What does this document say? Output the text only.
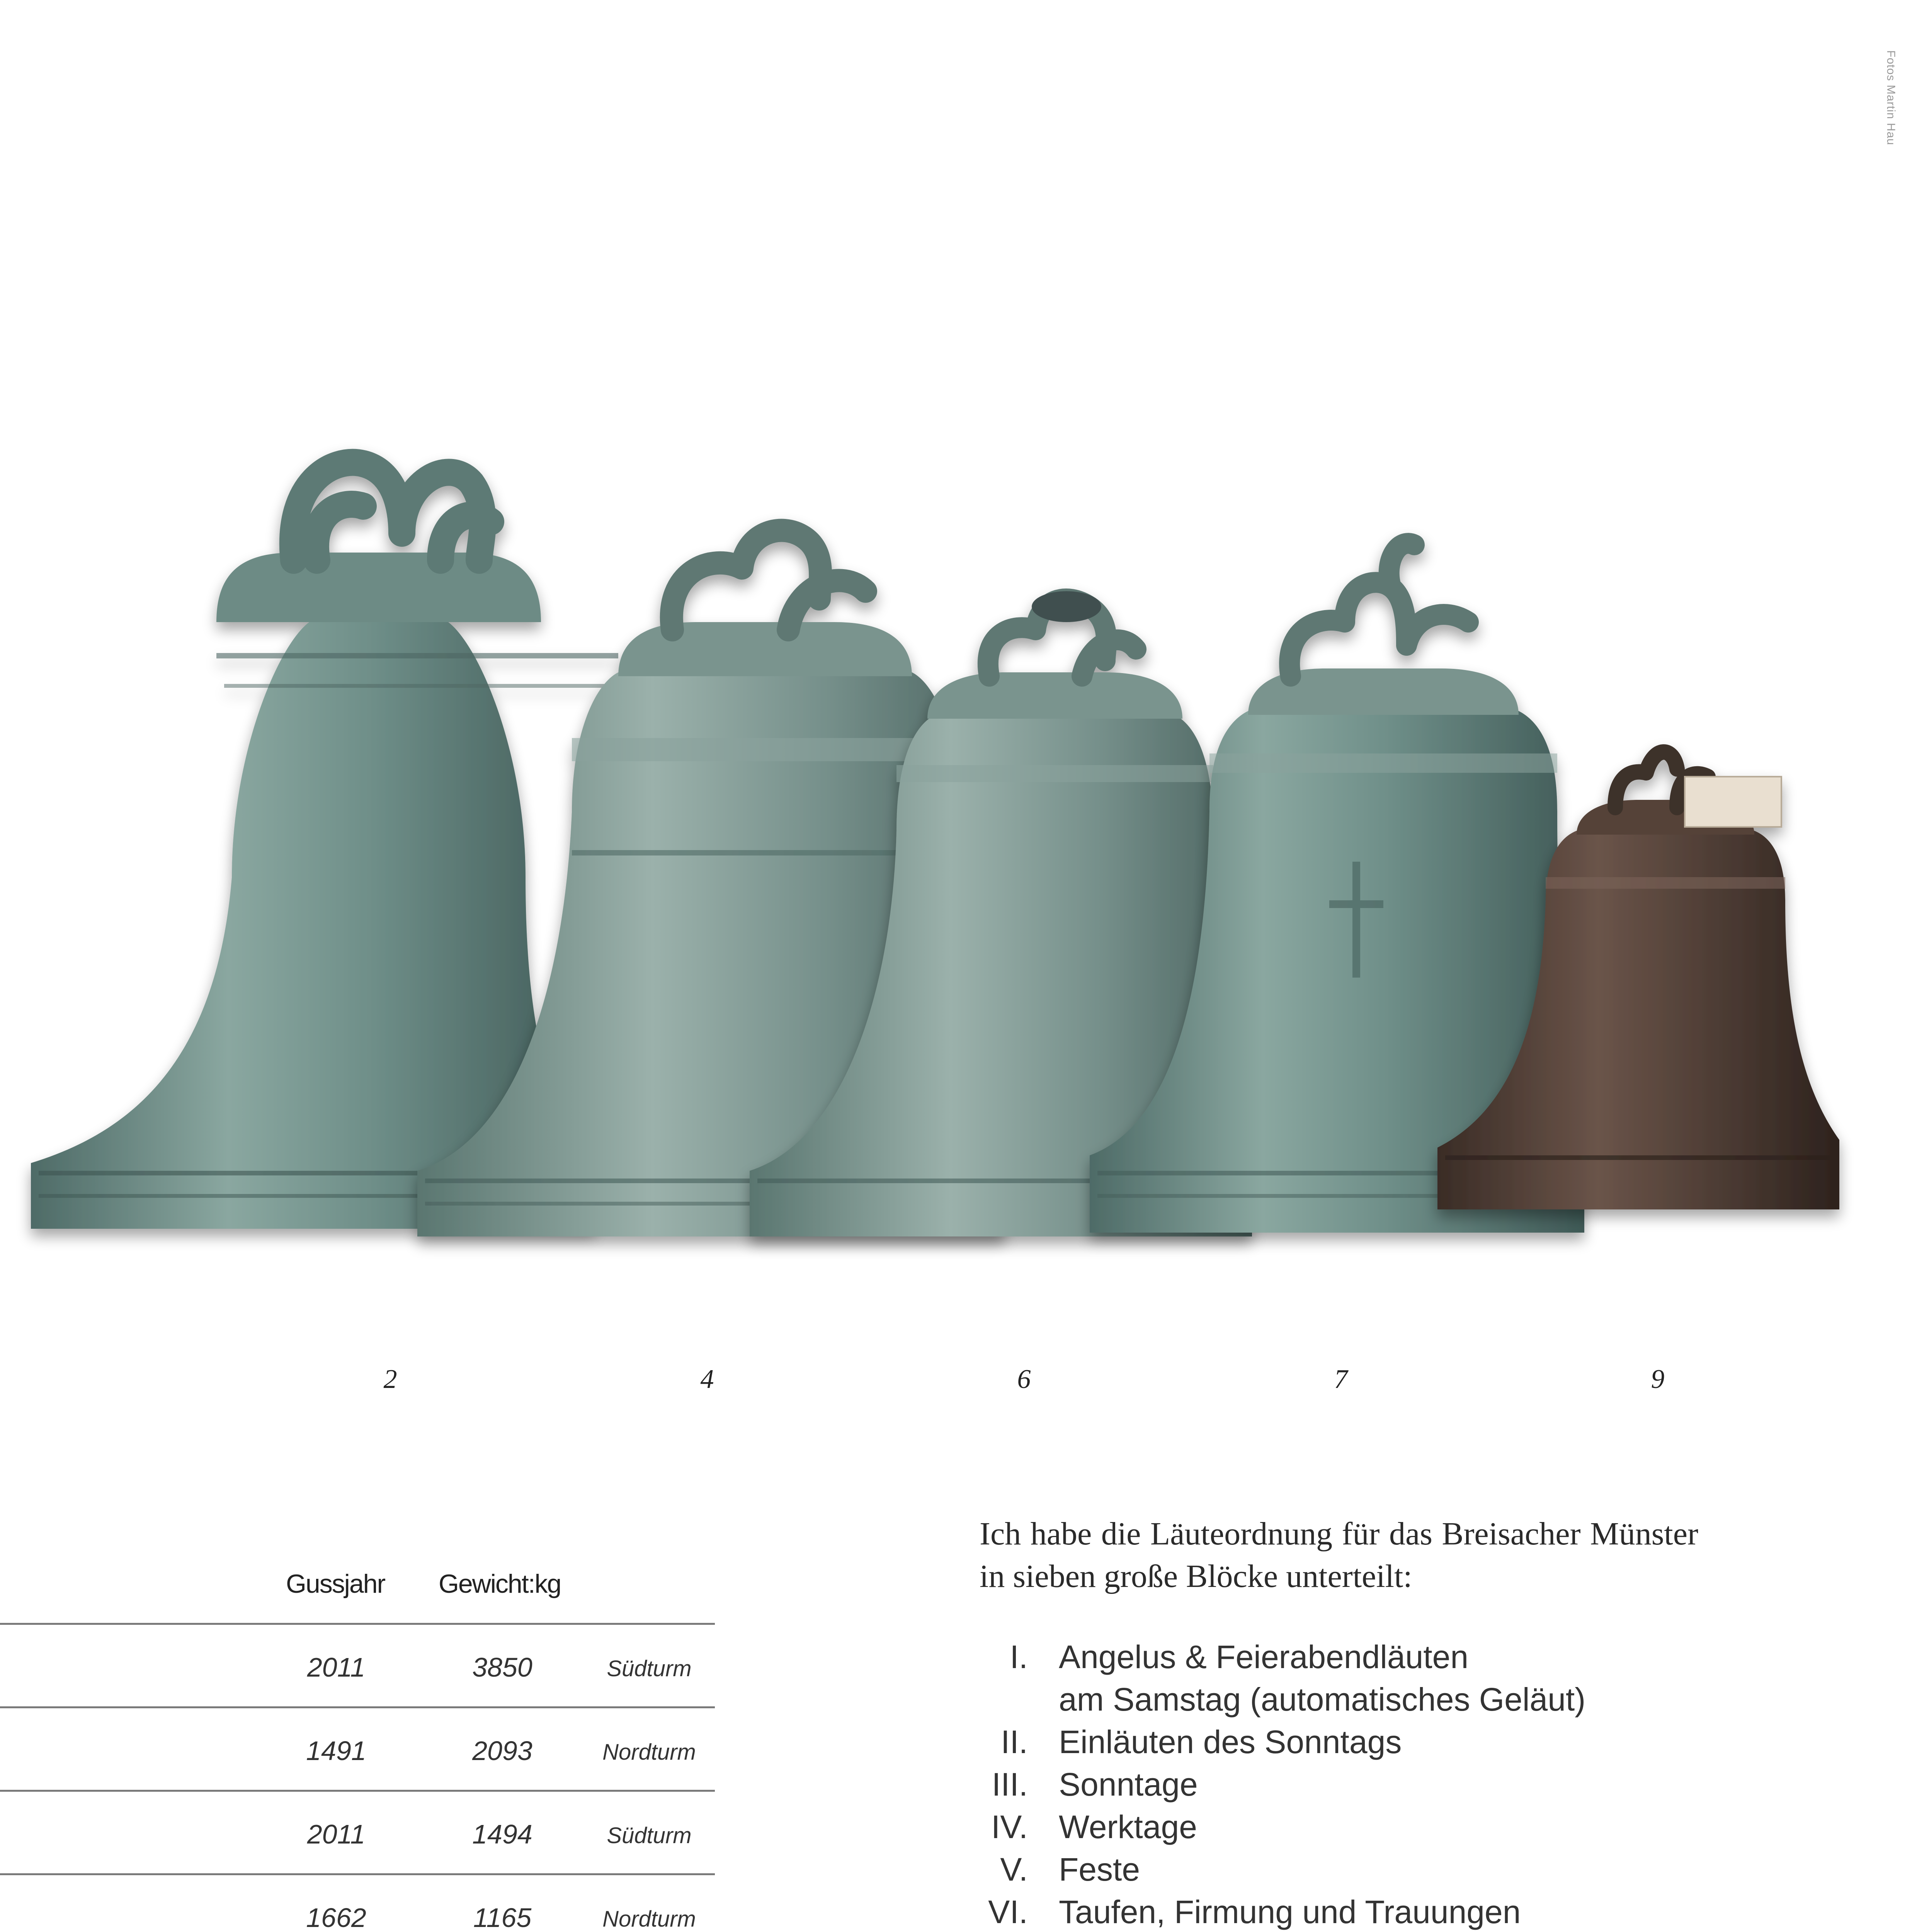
Fotos Martin Hau
2	4	6	7	9
Gussjahr Gewicht:kg
2011	3850	Südturm
1491	2093	Nordturm
2011	1494	Südturm
1662	1165	Nordturm
Ich habe die Läuteordnung für das Breisacher Münster in sieben große Blöcke unterteilt:
I. Angelus & Feierabendläuten
am Samstag (automatisches Geläut)
II. Einläuten des Sonntags
III. Sonntage
IV. Werktage
V. Feste
VI. Taufen, Firmung und Trauungen
